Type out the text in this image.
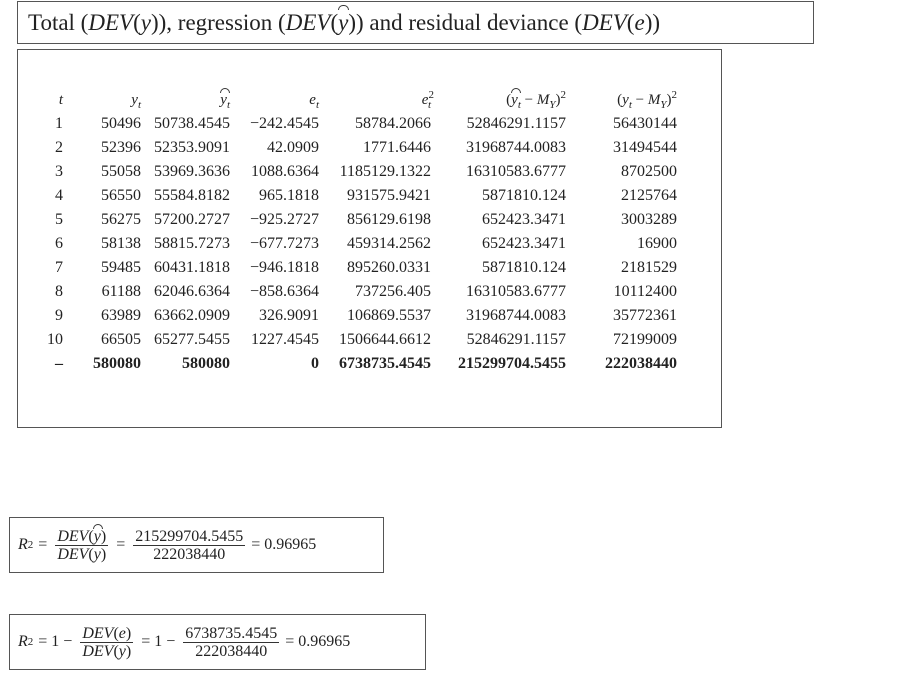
Total (DEV(y)), regression (DEV(y)) and residual deviance (DEV(e))
t	$y_t$	$y_t$	$e_t$	$e^2_t$	$(y_t - M_Y)^2$	$(y_t - M_Y)^2$
1	50496	50738.4545	−242.4545	58784.2066	52846291.1157	56430144
2	52396	52353.9091	42.0909	1771.6446	31968744.0083	31494544
3	55058	53969.3636	1088.6364	1185129.1322	16310583.6777	8702500
4	56550	55584.8182	965.1818	931575.9421	5871810.124	2125764
5	56275	57200.2727	−925.2727	856129.6198	652423.3471	3003289
6	58138	58815.7273	−677.7273	459314.2562	652423.3471	16900
7	59485	60431.1818	−946.1818	895260.0331	5871810.124	2181529
8	61188	62046.6364	−858.6364	737256.405	16310583.6777	10112400
9	63989	63662.0909	326.9091	106869.5537	31968744.0083	35772361
10	66505	65277.5455	1227.4545	1506644.6612	52846291.1157	72199009
–	580080	580080	0	6738735.4545	215299704.5455	222038440
R $2 = \frac{\text{DEV(y)}}{\text{DEV(y)}} = \frac{215299704.5455}{222038440} = 0.96965$
R $2 = 1 - \frac{\text{DEV(e)}}{\text{DEV(y)}} = 1 - \frac{6738735.4545}{222038440} = 0.96965$
